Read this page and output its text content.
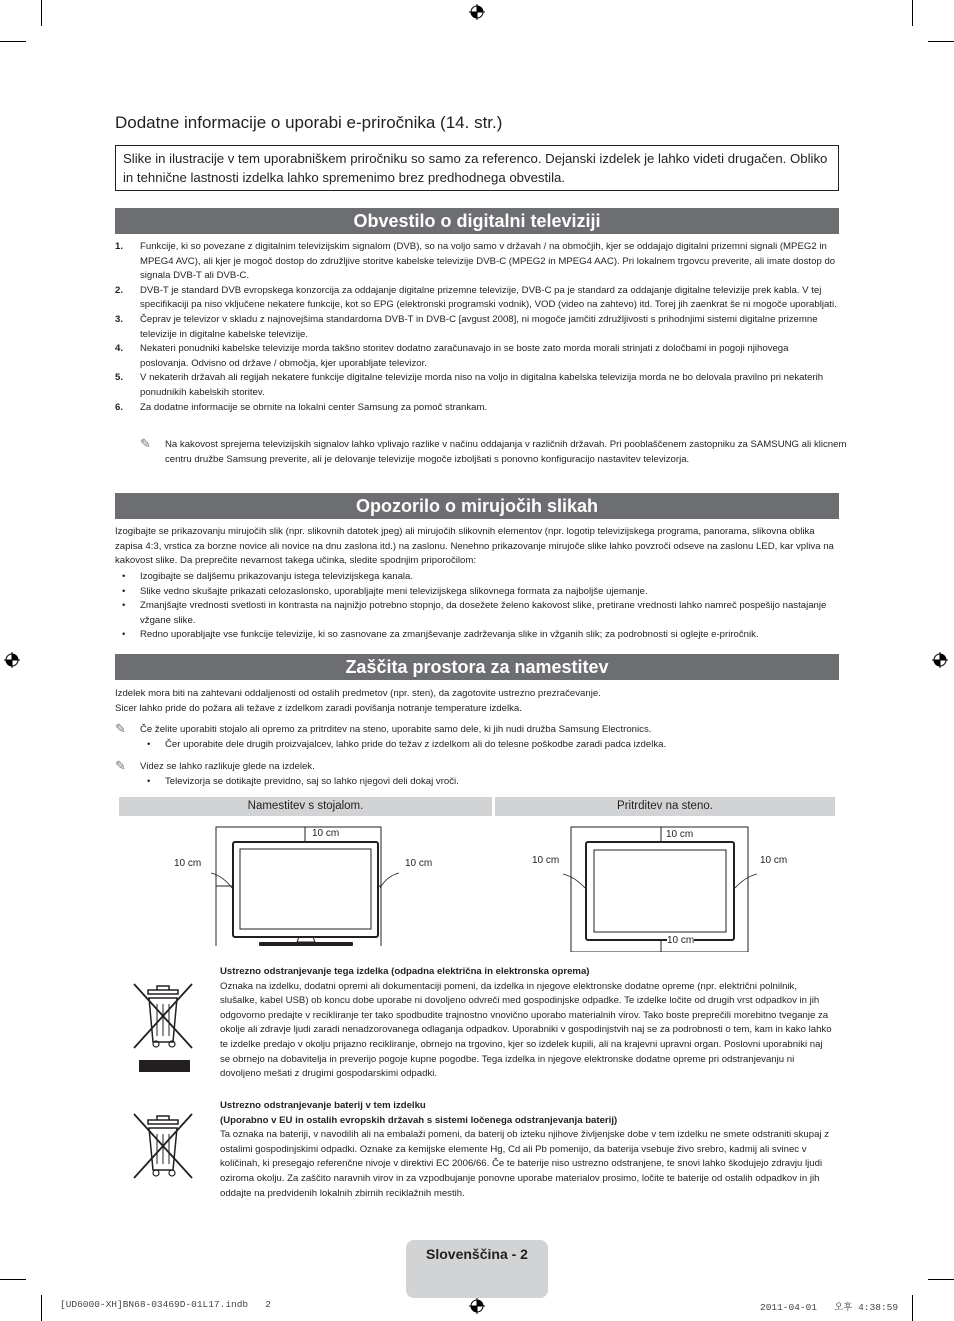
Dodatne informacije o uporabi e-priročnika (14. str.)
Slike in ilustracije v tem uporabniškem priročniku so samo za referenco. Dejanski izdelek je lahko videti drugačen. Obliko in tehnične lastnosti izdelka lahko spremenimo brez predhodnega obvestila.
Obvestilo o digitalni televiziji
1. Funkcije, ki so povezane z digitalnim televizijskim signalom (DVB), so na voljo samo v državah / na območjih, kjer se oddajajo digitalni prizemni signali (MPEG2 in MPEG4 AVC), ali kjer je mogoč dostop do združljive storitve kabelske televizije DVB-C (MPEG2 in MPEG4 AAC). Pri lokalnem trgovcu preverite, ali imate dostop do signala DVB-T ali DVB-C.
2. DVB-T je standard DVB evropskega konzorcija za oddajanje digitalne prizemne televizije, DVB-C pa je standard za oddajanje digitalne televizije prek kabla. V tej specifikaciji pa niso vključene nekatere funkcije, kot so EPG (elektronski programski vodnik), VOD (video na zahtevo) itd. Torej jih zaenkrat še ni mogoče uporabljati.
3. Čeprav je televizor v skladu z najnovejšima standardoma DVB-T in DVB-C [avgust 2008], ni mogoče jamčiti združljivosti s prihodnjimi sistemi digitalne prizemne televizije in digitalne kabelske televizije.
4. Nekateri ponudniki kabelske televizije morda takšno storitev dodatno zaračunavajo in se boste zato morda morali strinjati z določbami in pogoji njihovega poslovanja. Odvisno od države / območja, kjer uporabljate televizor.
5. V nekaterih državah ali regijah nekatere funkcije digitalne televizije morda niso na voljo in digitalna kabelska televizija morda ne bo delovala pravilno pri nekaterih ponudnikih kabelskih storitev.
6. Za dodatne informacije se obrnite na lokalni center Samsung za pomoč strankam.
✎ Na kakovost sprejema televizijskih signalov lahko vplivajo razlike v načinu oddajanja v različnih državah. Pri pooblaščenem zastopniku za SAMSUNG ali klicnem centru družbe Samsung preverite, ali je delovanje televizije mogoče izboljšati s ponovno konfiguracijo nastavitev televizorja.
Opozorilo o mirujočih slikah
Izogibajte se prikazovanju mirujočih slik (npr. slikovnih datotek jpeg) ali mirujočih slikovnih elementov (npr. logotip televizijskega programa, panorama, slikovna oblika zapisa 4:3, vrstica za borzne novice ali novice na dnu zaslona itd.) na zaslonu. Nenehno prikazovanje mirujoče slike lahko povzroči odseve na zaslonu LED, kar vpliva na kakovost slike. Da preprečite nevarnost takega učinka, sledite spodnjim priporočilom:
• Izogibajte se daljšemu prikazovanju istega televizijskega kanala.
• Slike vedno skušajte prikazati celozaslonsko, uporabljajte meni televizijskega slikovnega formata za najboljše ujemanje.
• Zmanjšajte vrednosti svetlosti in kontrasta na najnižjo potrebno stopnjo, da dosežete želeno kakovost slike, pretirane vrednosti lahko namreč pospešijo nastajanje vžgane slike.
• Redno uporabljajte vse funkcije televizije, ki so zasnovane za zmanjševanje zadrževanja slike in vžganih slik; za podrobnosti si oglejte e-priročnik.
Zaščita prostora za namestitev
Izdelek mora biti na zahtevani oddaljenosti od ostalih predmetov (npr. sten), da zagotovite ustrezno prezračevanje.
Sicer lahko pride do požara ali težave z izdelkom zaradi povišanja notranje temperature izdelka.
✎ Če želite uporabiti stojalo ali opremo za pritrditev na steno, uporabite samo dele, ki jih nudi družba Samsung Electronics.
• Čer uporabite dele drugih proizvajalcev, lahko pride do težav z izdelkom ali do telesne poškodbe zaradi padca izdelka.
✎ Videz se lahko razlikuje glede na izdelek.
• Televizorja se dotikajte previdno, saj so lahko njegovi deli dokaj vroči.
Namestitev s stojalom.	Pritrditev na steno.
10 cm
10 cm	10 cm
10 cm
10 cm	10 cm
10 cm
Ustrezno odstranjevanje tega izdelka (odpadna električna in elektronska oprema)
Oznaka na izdelku, dodatni opremi ali dokumentaciji pomeni, da izdelka in njegove elektronske dodatne opreme (npr. električni polnilnik, slušalke, kabel USB) ob koncu dobe uporabe ni dovoljeno odvreči med gospodinjske odpadke. Te izdelke ločite od drugih vrst odpadkov in jih odgovorno predajte v recikliranje ter tako spodbudite trajnostno vnovično uporabo materialnih virov. Tako boste preprečili morebitno tveganje za okolje ali zdravje ljudi zaradi nenadzorovanega odlaganja odpadkov. Uporabniki v gospodinjstvih naj se za podrobnosti o tem, kam in kako lahko te izdelke predajo v okolju prijazno recikliranje, obrnejo na trgovino, kjer so izdelek kupili, ali na krajevni upravni organ. Poslovni uporabniki naj se obrnejo na dobavitelja in preverijo pogoje kupne pogodbe. Tega izdelka in njegove elektronske dodatne opreme pri odstranjevanju ni dovoljeno mešati z drugimi gospodarskimi odpadki.
Ustrezno odstranjevanje baterij v tem izdelku
(Uporabno v EU in ostalih evropskih državah s sistemi ločenega odstranjevanja baterij)
Ta oznaka na bateriji, v navodilih ali na embalaži pomeni, da baterij ob izteku njihove življenjske dobe v tem izdelku ne smete odstraniti skupaj z ostalimi gospodinjskimi odpadki. Oznake za kemijske elemente Hg, Cd ali Pb pomenijo, da baterija vsebuje živo srebro, kadmij ali svinec v količinah, ki presegajo referenčne nivoje v direktivi EC 2006/66. Če te baterije niso ustrezno odstranjene, te snovi lahko škodujejo zdravju ljudi oziroma okolju. Za zaščito naravnih virov in za vzpodbujanje ponovne uporabe materialov prosimo, ločite te baterije od ostalih odpadkov in jih oddajte na predvidenih lokalnih zbirnih reciklažnih mestih.
Slovenščina - 2
[UD6000-XH]BN68-03469D-01L17.indb   2	2011-04-01   오후 4:38:59
